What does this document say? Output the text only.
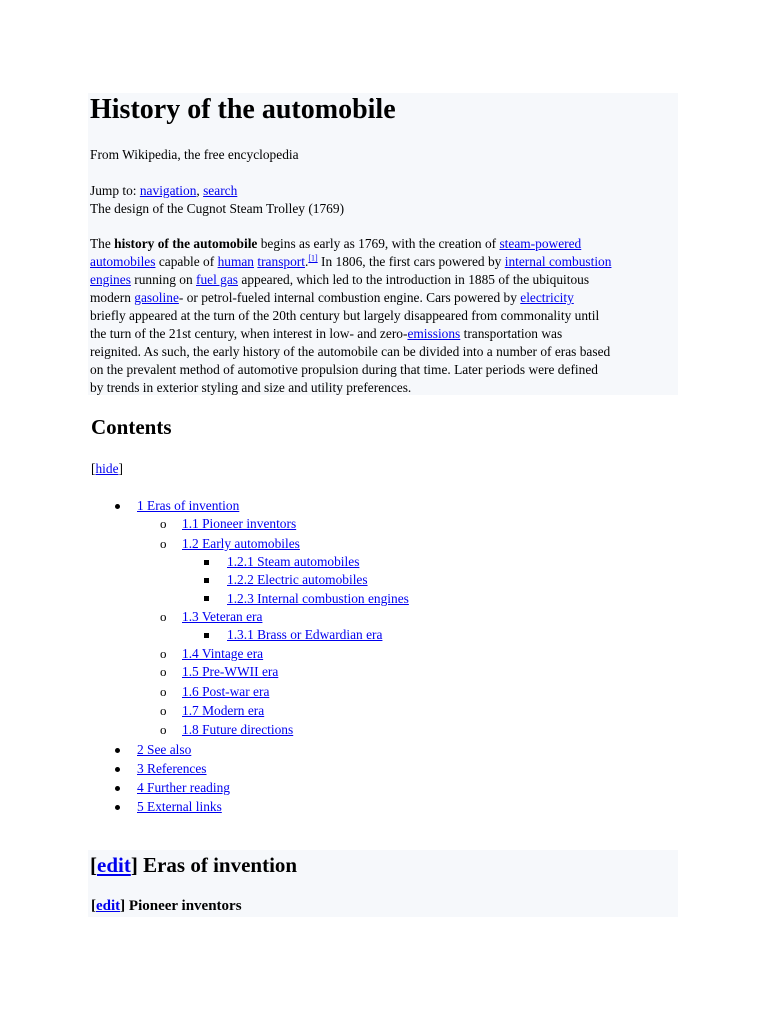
History of the automobile
From Wikipedia, the free encyclopedia
Jump to: navigation, search
The design of the Cugnot Steam Trolley (1769)
The history of the automobile begins as early as 1769, with the creation of steam-powered
automobiles capable of human transport.[1] In 1806, the first cars powered by internal combustion
engines running on fuel gas appeared, which led to the introduction in 1885 of the ubiquitous
modern gasoline- or petrol-fueled internal combustion engine. Cars powered by electricity
briefly appeared at the turn of the 20th century but largely disappeared from commonality until
the turn of the 21st century, when interest in low- and zero-emissions transportation was
reignited. As such, the early history of the automobile can be divided into a number of eras based
on the prevalent method of automotive propulsion during that time. Later periods were defined
by trends in exterior styling and size and utility preferences.
Contents
[hide]
1 Eras of invention
o 1.1 Pioneer inventors
o 1.2 Early automobiles
1.2.1 Steam automobiles
1.2.2 Electric automobiles
1.2.3 Internal combustion engines
o 1.3 Veteran era
1.3.1 Brass or Edwardian era
o 1.4 Vintage era
o 1.5 Pre-WWII era
o 1.6 Post-war era
o 1.7 Modern era
o 1.8 Future directions
2 See also
3 References
4 Further reading
5 External links
[edit] Eras of invention
[edit] Pioneer inventors
